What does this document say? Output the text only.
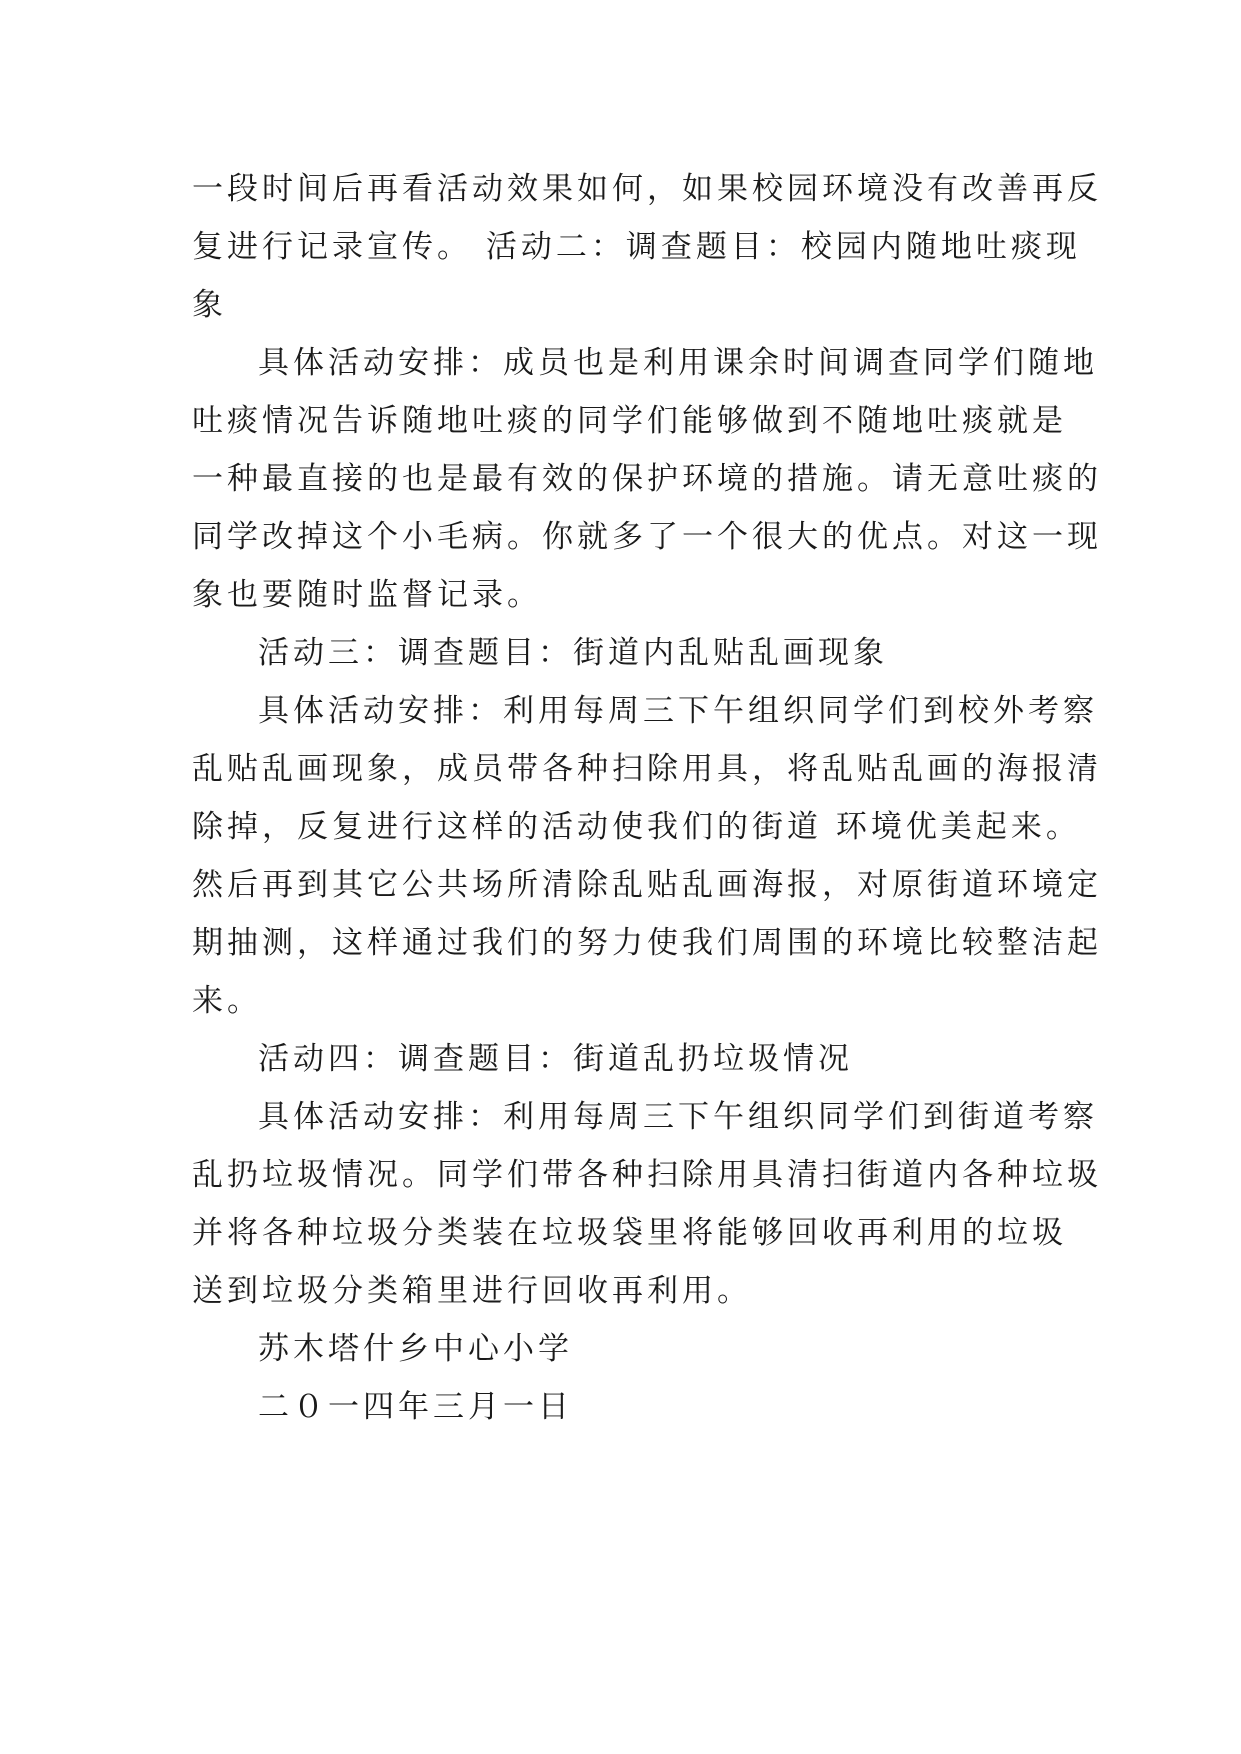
一段时间后再看活动效果如何，如果校园环境没有改善再反
复进行记录宣传。 活动二：调查题目：校园内随地吐痰现
象
具体活动安排：成员也是利用课余时间调查同学们随地
吐痰情况告诉随地吐痰的同学们能够做到不随地吐痰就是
一种最直接的也是最有效的保护环境的措施。请无意吐痰的
同学改掉这个小毛病。你就多了一个很大的优点。对这一现
象也要随时监督记录。
活动三：调查题目：街道内乱贴乱画现象
具体活动安排：利用每周三下午组织同学们到校外考察
乱贴乱画现象，成员带各种扫除用具，将乱贴乱画的海报清
除掉，反复进行这样的活动使我们的街道 环境优美起来。
然后再到其它公共场所清除乱贴乱画海报，对原街道环境定
期抽测，这样通过我们的努力使我们周围的环境比较整洁起
来。
活动四：调查题目：街道乱扔垃圾情况
具体活动安排：利用每周三下午组织同学们到街道考察
乱扔垃圾情况。同学们带各种扫除用具清扫街道内各种垃圾
并将各种垃圾分类装在垃圾袋里将能够回收再利用的垃圾
送到垃圾分类箱里进行回收再利用。
苏木塔什乡中心小学
二０一四年三月一日
